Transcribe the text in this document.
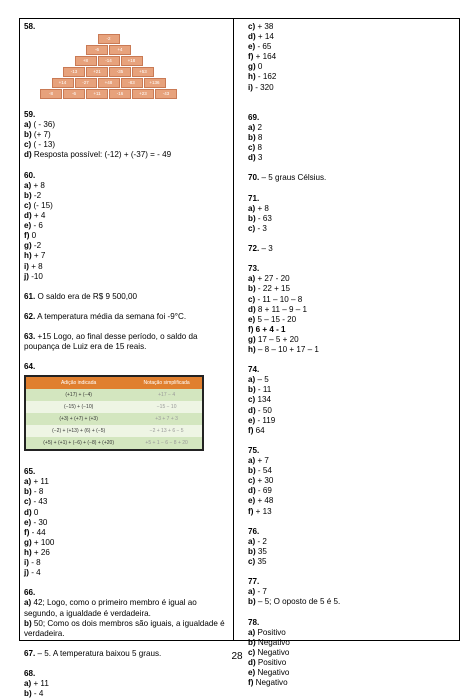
58.
-2
-6	+4
+8	-14	+18
-13	+21	-35	+53
+14	-27	+48	-83	+136
-8	-6	+11	-16	+23	-43
59.
a) ( - 36)
b) (+ 7)
c) ( - 13)
d) Resposta possível: (-12) + (-37) = - 49
60.
a) + 8
b) -2
c) (- 15)
d) + 4
e) - 6
f) 0
g) -2
h) + 7
i) + 8
j) -10
61. O saldo era de R$ 9 500,00
62. A temperatura média da semana foi -9°C.
63. +15 Logo, ao final desse período, o saldo da poupança de Luiz era de 15 reais.
64.
Adição indicada	Notação simplificada
(+17) + (−4)	+17 − 4
(−15) + (−10)	−15 − 10
(+3) + (+7) + (+3)	+3 + 7 + 3
(−2) + (+13) + (6) + (−5)	−2 + 13 + 6 − 5
(+5) + (+1) + (−6) + (−8) + (+20)	+5 + 1 − 6 − 8 + 20
65.
a) + 11
b) - 8
c) - 43
d) 0
e) - 30
f) - 44
g) + 100
h) + 26
i) - 8
j) - 4
66.
a) 42; Logo, como o primeiro membro é igual ao segundo, a igualdade é verdadeira.
b) 50; Como os dois membros são iguais, a igualdade é verdadeira.
67. – 5. A temperatura baixou 5 graus.
68.
a) + 11
b) - 4
c) + 38
d) + 14
e) - 65
f) + 164
g) 0
h) - 162
i) - 320
69.
a) 2
b) 8
c) 8
d) 3
70. – 5 graus Célsius.
71.
a) + 8
b) - 63
c) - 3
72. – 3
73.
a) + 27 - 20
b) - 22 + 15
c) - 11 – 10 – 8
d) 8 + 11 – 9 – 1
e) 5 – 15 - 20
f) 6 + 4 - 1
g) 17 – 5 + 20
h) – 8 – 10 + 17 – 1
74.
a) – 5
b) - 11
c) 134
d) - 50
e) - 119
f) 64
75.
a) + 7
b) - 54
c) + 30
d) - 69
e) + 48
f) + 13
76.
a) - 2
b) 35
c) 35
77.
a) - 7
b) – 5; O oposto de 5 é 5.
78.
a) Positivo
b) Negativo
c) Negativo
d) Positivo
e) Negativo
f) Negativo
28
